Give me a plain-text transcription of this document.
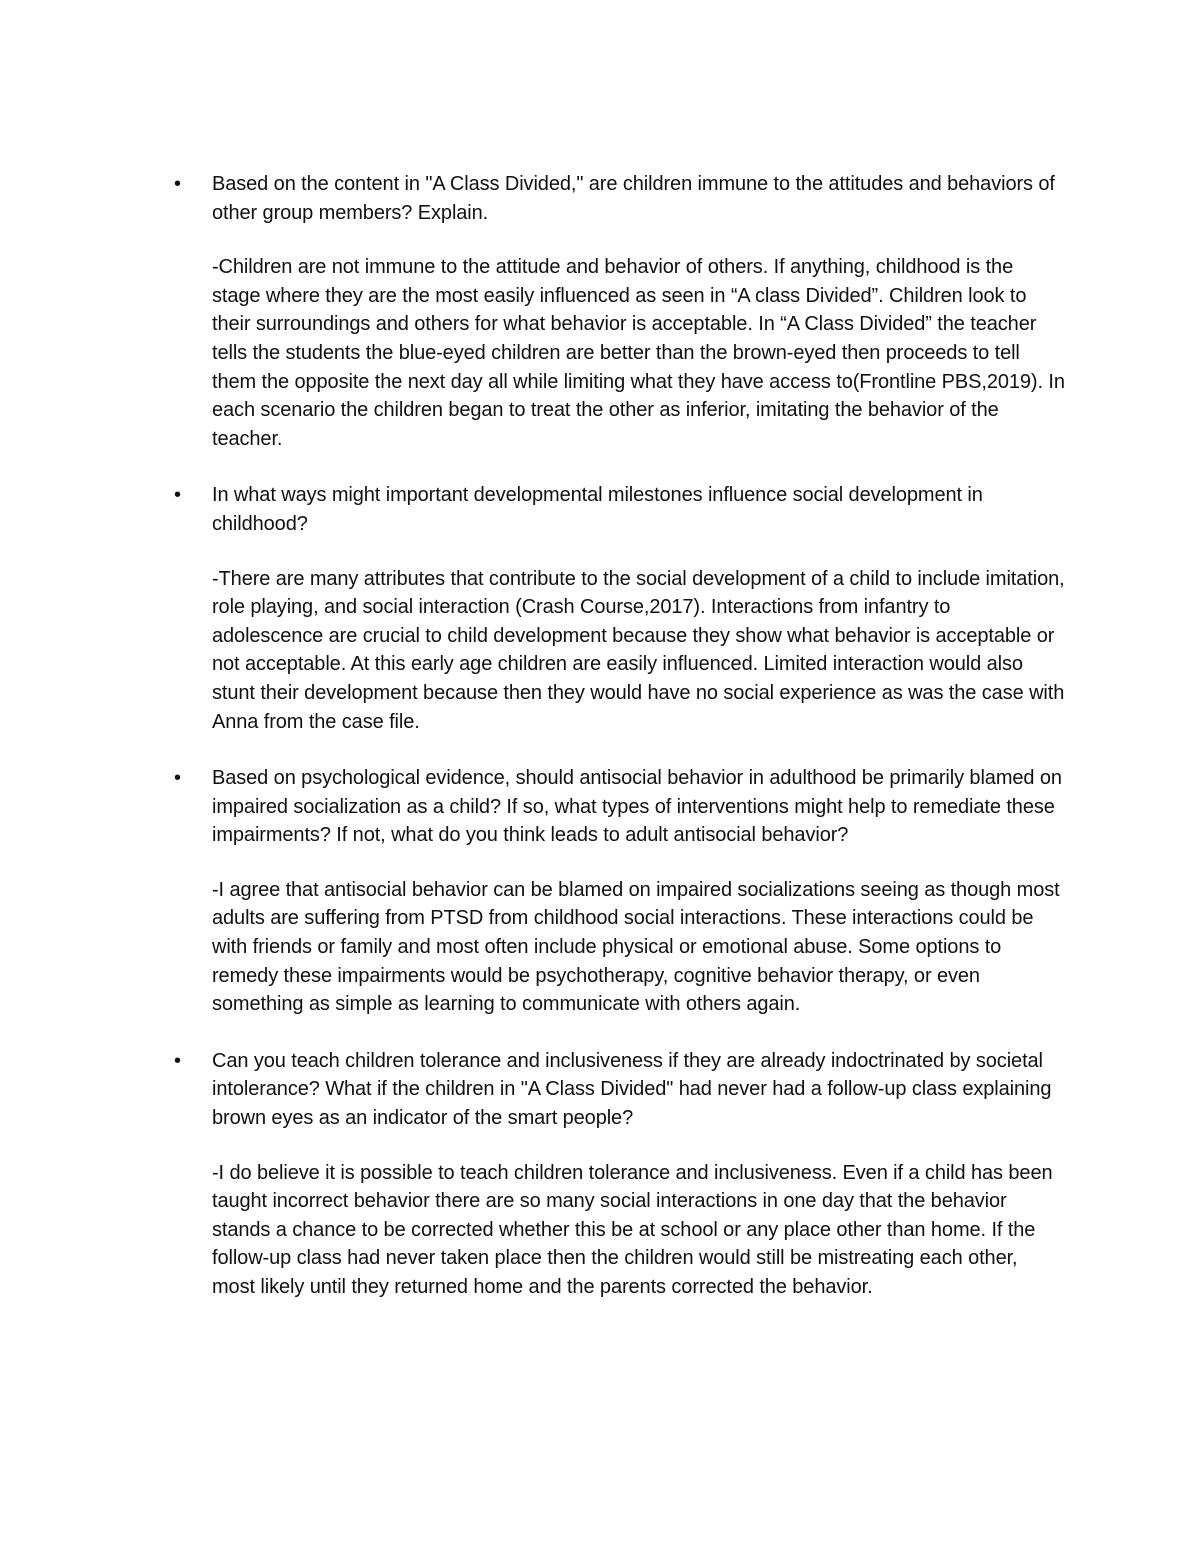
• Based on the content in "A Class Divided," are children immune to the attitudes and behaviors of other group members? Explain.

-Children are not immune to the attitude and behavior of others. If anything, childhood is the stage where they are the most easily influenced as seen in “A class Divided”. Children look to their surroundings and others for what behavior is acceptable. In “A Class Divided” the teacher tells the students the blue-eyed children are better than the brown-eyed then proceeds to tell them the opposite the next day all while limiting what they have access to(Frontline PBS,2019). In each scenario the children began to treat the other as inferior, imitating the behavior of the teacher.

• In what ways might important developmental milestones influence social development in childhood?

-There are many attributes that contribute to the social development of a child to include imitation, role playing, and social interaction (Crash Course,2017). Interactions from infantry to adolescence are crucial to child development because they show what behavior is acceptable or not acceptable. At this early age children are easily influenced. Limited interaction would also stunt their development because then they would have no social experience as was the case with Anna from the case file.

• Based on psychological evidence, should antisocial behavior in adulthood be primarily blamed on impaired socialization as a child? If so, what types of interventions might help to remediate these impairments? If not, what do you think leads to adult antisocial behavior?

-I agree that antisocial behavior can be blamed on impaired socializations seeing as though most adults are suffering from PTSD from childhood social interactions. These interactions could be with friends or family and most often include physical or emotional abuse. Some options to remedy these impairments would be psychotherapy, cognitive behavior therapy, or even something as simple as learning to communicate with others again.

• Can you teach children tolerance and inclusiveness if they are already indoctrinated by societal intolerance? What if the children in "A Class Divided" had never had a follow-up class explaining brown eyes as an indicator of the smart people?

-I do believe it is possible to teach children tolerance and inclusiveness. Even if a child has been taught incorrect behavior there are so many social interactions in one day that the behavior stands a chance to be corrected whether this be at school or any place other than home. If the follow-up class had never taken place then the children would still be mistreating each other, most likely until they returned home and the parents corrected the behavior.
